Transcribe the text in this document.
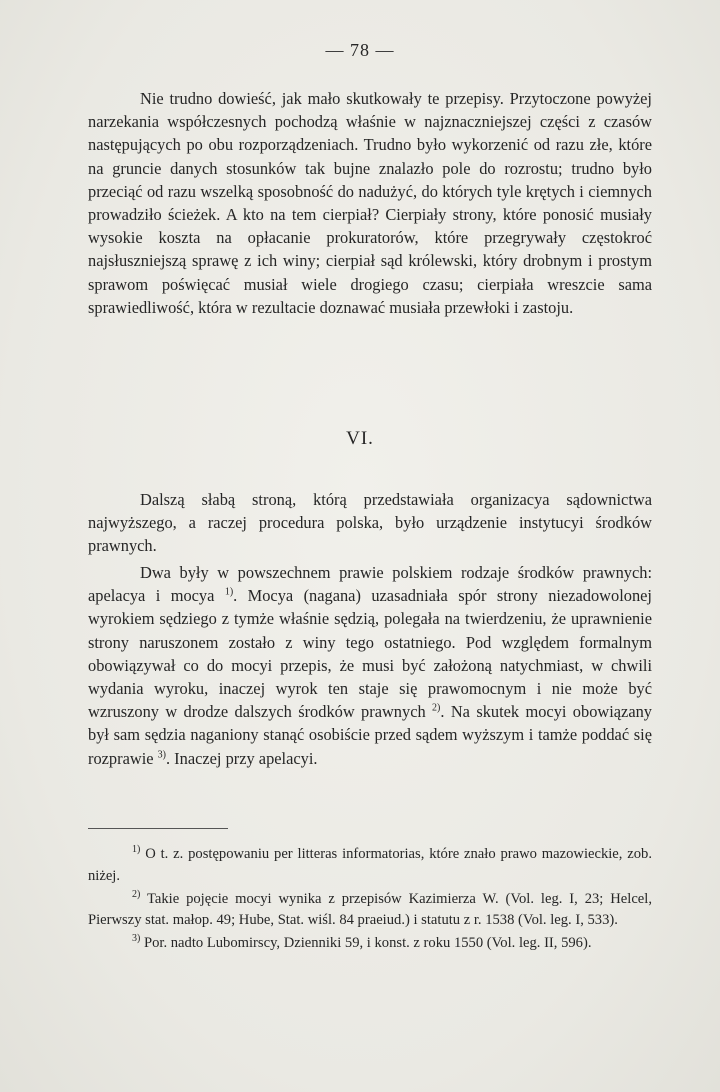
— 78 —

Nie trudno dowieść, jak mało skutkowały te przepisy. Przytoczone powyżej narzekania współczesnych pochodzą właśnie w najznaczniejszej części z czasów następujących po obu rozporządzeniach. Trudno było wykorzenić od razu złe, które na gruncie danych stosunków tak bujne znalazło pole do rozrostu; trudno było przeciąć od razu wszelką sposobność do nadużyć, do których tyle krętych i ciemnych prowadziło ścieżek. A kto na tem cierpiał? Cierpiały strony, które ponosić musiały wysokie koszta na opłacanie prokuratorów, które przegrywały częstokroć najsłuszniejszą sprawę z ich winy; cierpiał sąd królewski, który drobnym i prostym sprawom poświęcać musiał wiele drogiego czasu; cierpiała wreszcie sama sprawiedliwość, która w rezultacie doznawać musiała przewłoki i zastoju.

VI.

Dalszą słabą stroną, którą przedstawiała organizacya sądownictwa najwyższego, a raczej procedura polska, było urządzenie instytucyi środków prawnych.

Dwa były w powszechnem prawie polskiem rodzaje środków prawnych: apelacya i mocya $^{1)}$. Mocya (nagana) uzasadniała spór strony niezadowolonej wyrokiem sędziego z tymże właśnie sędzią, polegała na twierdzeniu, że uprawnienie strony naruszonem zostało z winy tego ostatniego. Pod względem formalnym obowiązywał co do mocyi przepis, że musi być założoną natychmiast, w chwili wydania wyroku, inaczej wyrok ten staje się prawomocnym i nie może być wzruszony w drodze dalszych środków prawnych $^{2)}$. Na skutek mocyi obowiązany był sam sędzia naganiony stanąć osobiście przed sądem wyższym i tamże poddać się rozprawie $^{3)}$. Inaczej przy apelacyi.

$^{1)}$ O t. z. postępowaniu per litteras informatorias, które znało prawo mazowieckie, zob. niżej.

$^{2)}$ Takie pojęcie mocyi wynika z przepisów Kazimierza W. (Vol. leg. I, 23; Helcel, Pierwszy stat. małop. 49; Hube, Stat. wiśl. 84 praeiud.) i statutu z r. 1538 (Vol. leg. I, 533).

$^{3)}$ Por. nadto Lubomirscy, Dzienniki 59, i konst. z roku 1550 (Vol. leg. II, 596).
